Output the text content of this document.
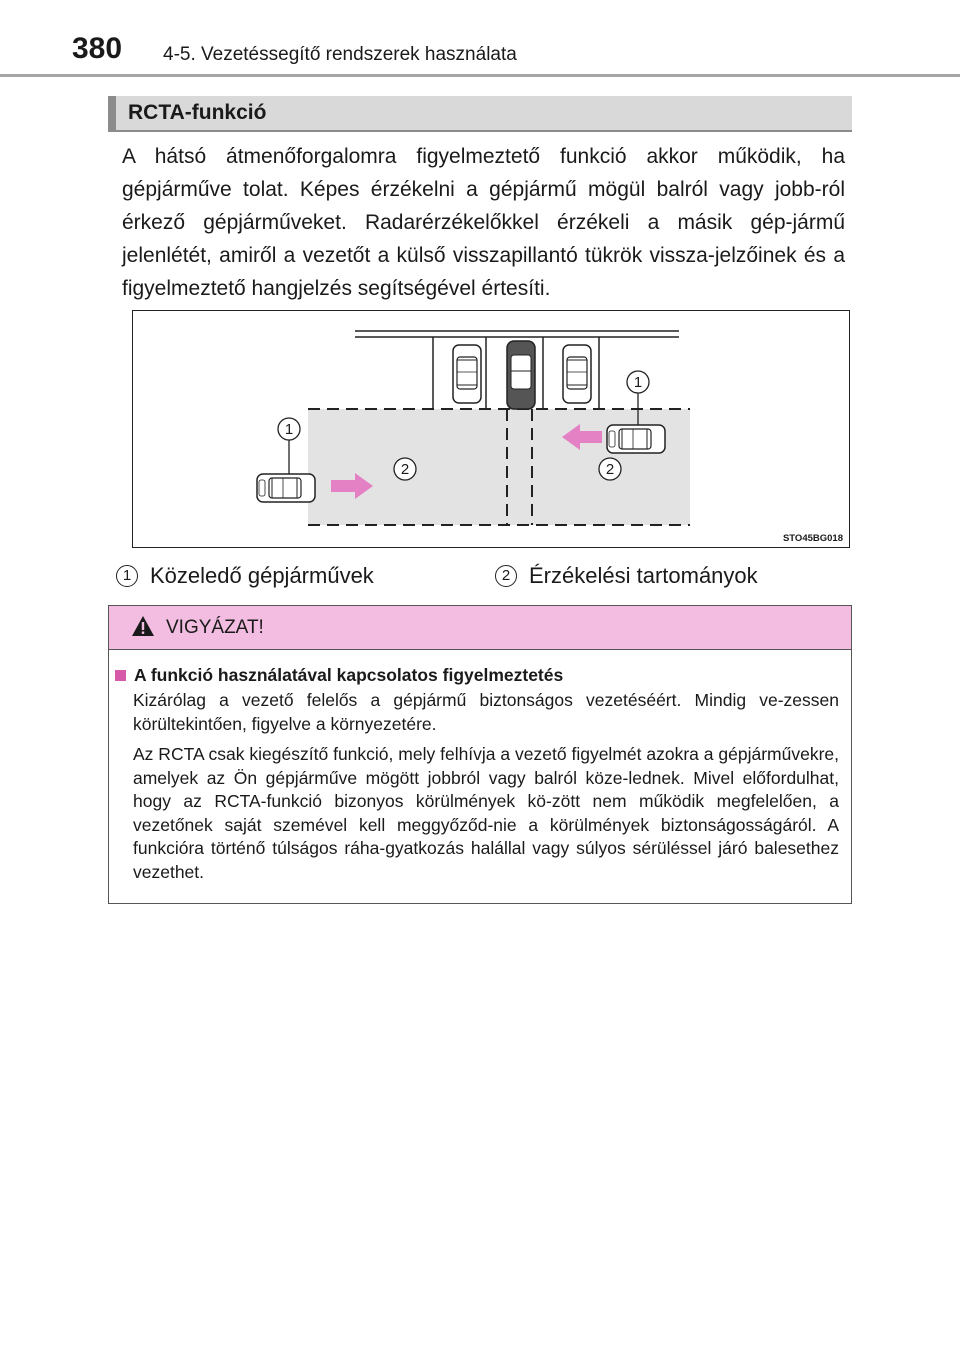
380 4-5. Vezetéssegítő rendszerek használata
RCTA-funkció
A hátsó átmenőforgalomra figyelmeztető funkció akkor működik, ha gépjárműve tolat. Képes érzékelni a gépjármű mögül balról vagy jobb-ról érkező gépjárműveket. Radarérzékelőkkel érzékeli a másik gép-jármű jelenlétét, amiről a vezetőt a külső visszapillantó tükrök vissza-jelzőinek és a figyelmeztető hangjelzés segítségével értesíti.
1
1
2	2
STO45BG018
1 Közeledő gépjárművek	2 Érzékelési tartományok
VIGYÁZAT!
A funkció használatával kapcsolatos figyelmeztetés
Kizárólag a vezető felelős a gépjármű biztonságos vezetéséért. Mindig ve-zessen körültekintően, figyelve a környezetére.
Az RCTA csak kiegészítő funkció, mely felhívja a vezető figyelmét azokra a gépjárművekre, amelyek az Ön gépjárműve mögött jobbról vagy balról köze-lednek. Mivel előfordulhat, hogy az RCTA-funkció bizonyos körülmények kö-zött nem működik megfelelően, a vezetőnek saját szemével kell meggyőződ-nie a körülmények biztonságosságáról. A funkcióra történő túlságos ráha-gyatkozás halállal vagy súlyos sérüléssel járó balesethez vezethet.
